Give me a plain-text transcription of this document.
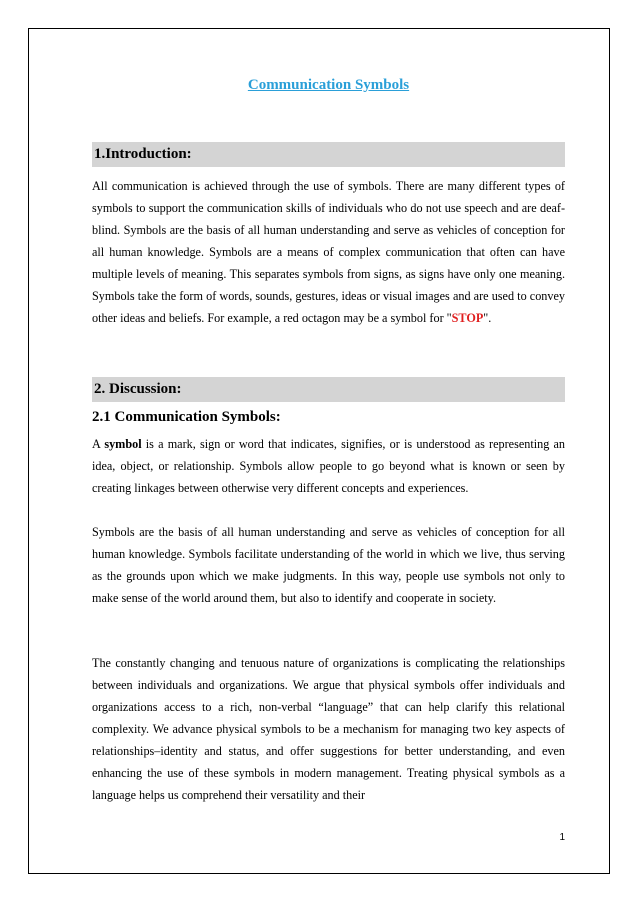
Communication Symbols
1.Introduction:

All communication is achieved through the use of symbols. There are many different types of symbols to support the communication skills of individuals who do not use speech and are deaf-blind. Symbols are the basis of all human understanding and serve as vehicles of conception for all human knowledge. Symbols are a means of complex communication that often can have multiple levels of meaning. This separates symbols from signs, as signs have only one meaning. Symbols take the form of words, sounds, gestures, ideas or visual images and are used to convey other ideas and beliefs. For example, a red octagon may be a symbol for "STOP".

2. Discussion:
2.1 Communication Symbols:

A symbol is a mark, sign or word that indicates, signifies, or is understood as representing an idea, object, or relationship. Symbols allow people to go beyond what is known or seen by creating linkages between otherwise very different concepts and experiences.

Symbols are the basis of all human understanding and serve as vehicles of conception for all human knowledge. Symbols facilitate understanding of the world in which we live, thus serving as the grounds upon which we make judgments. In this way, people use symbols not only to make sense of the world around them, but also to identify and cooperate in society.

The constantly changing and tenuous nature of organizations is complicating the relationships between individuals and organizations. We argue that physical symbols offer individuals and organizations access to a rich, non-verbal “language” that can help clarify this relational complexity. We advance physical symbols to be a mechanism for managing two key aspects of relationships–identity and status, and offer suggestions for better understanding, and even enhancing the use of these symbols in modern management. Treating physical symbols as a language helps us comprehend their versatility and their

1
